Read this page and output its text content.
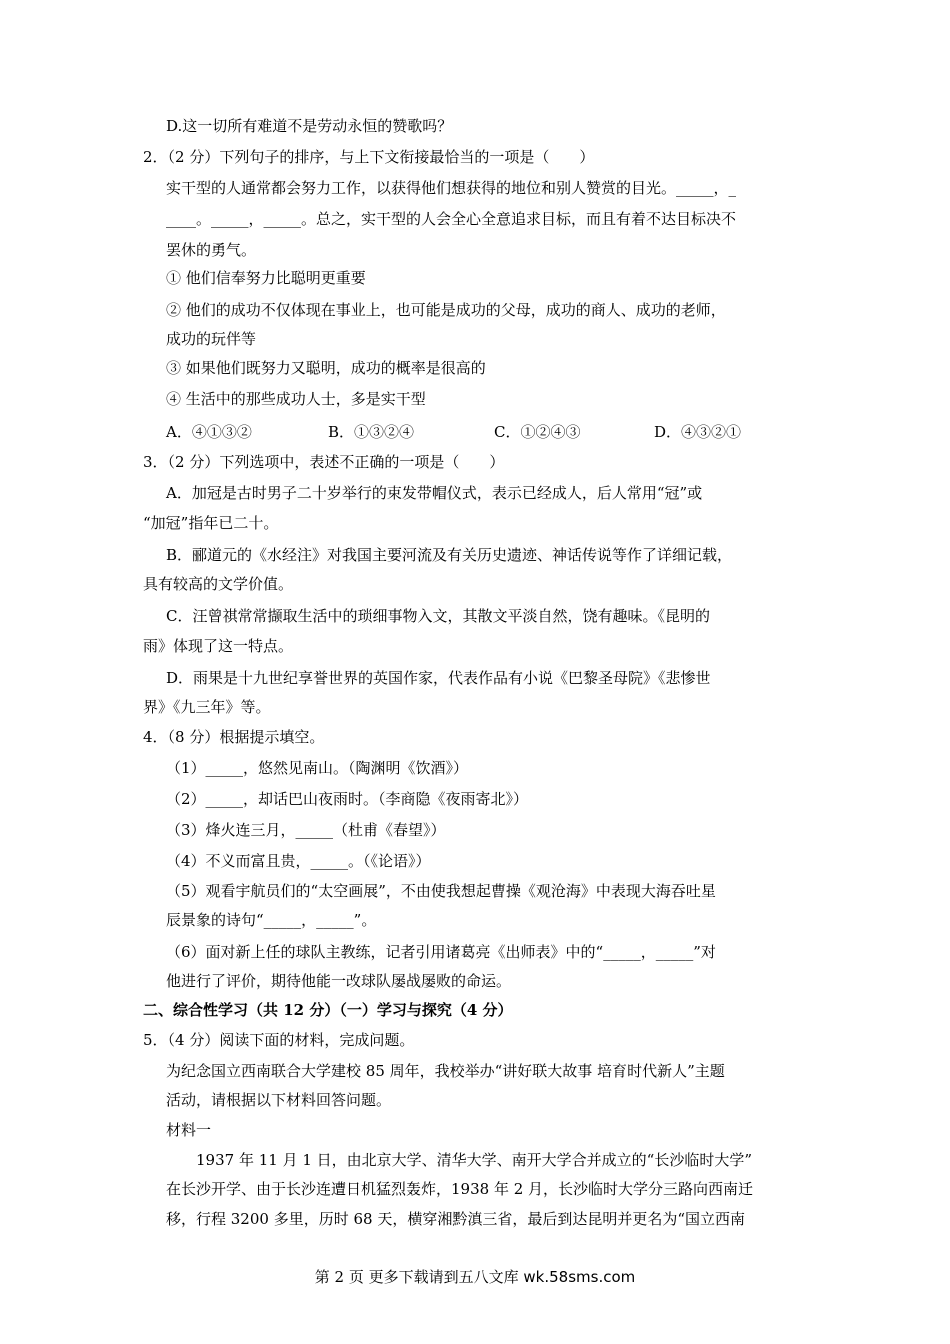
D.这一切所有难道不是劳动永恒的赞歌吗？
2．（2 分）下列句子的排序，与上下文衔接最恰当的一项是（　　）
实干型的人通常都会努力工作，以获得他们想获得的地位和别人赞赏的目光。_____，_
____。_____，_____。总之，实干型的人会全心全意追求目标，而且有着不达目标决不
罢休的勇气。
① 他们信奉努力比聪明更重要
② 他们的成功不仅体现在事业上，也可能是成功的父母，成功的商人、成功的老师，
成功的玩伴等
③ 如果他们既努力又聪明，成功的概率是很高的
④ 生活中的那些成功人士，多是实干型
A．④①③②	B．①③②④	C．①②④③	D．④③②①
3．（2 分）下列选项中，表述不正确的一项是（　　）
A．加冠是古时男子二十岁举行的束发带帽仪式，表示已经成人，后人常用“冠”或
“加冠”指年已二十。
B．郦道元的《水经注》对我国主要河流及有关历史遗迹、神话传说等作了详细记载，
具有较高的文学价值。
C．汪曾祺常常撷取生活中的琐细事物入文，其散文平淡自然，饶有趣味。《昆明的
雨》体现了这一特点。
D．雨果是十九世纪享誉世界的英国作家，代表作品有小说《巴黎圣母院》《悲惨世
界》《九三年》等。
4．（8 分）根据提示填空。
（1）_____，悠然见南山。（陶渊明《饮酒》）
（2）_____，却话巴山夜雨时。（李商隐《夜雨寄北》）
（3）烽火连三月，_____（杜甫《春望》）
（4）不义而富且贵，_____。（《论语》）
（5）观看宇航员们的“太空画展”，不由使我想起曹操《观沧海》中表现大海吞吐星
辰景象的诗句“_____，_____”。
（6）面对新上任的球队主教练，记者引用诸葛亮《出师表》中的“_____，_____”对
他进行了评价，期待他能一改球队屡战屡败的命运。
二、综合性学习（共 12 分）（一）学习与探究（4 分）
5．（4 分）阅读下面的材料，完成问题。
为纪念国立西南联合大学建校 85 周年，我校举办“讲好联大故事 培育时代新人”主题
活动，请根据以下材料回答问题。
材料一
1937 年 11 月 1 日，由北京大学、清华大学、南开大学合并成立的“长沙临时大学”
在长沙开学、由于长沙连遭日机猛烈轰炸，1938 年 2 月，长沙临时大学分三路向西南迁
移，行程 3200 多里，历时 68 天，横穿湘黔滇三省，最后到达昆明并更名为“国立西南
第 2 页 更多下载请到五八文库 wk.58sms.com
